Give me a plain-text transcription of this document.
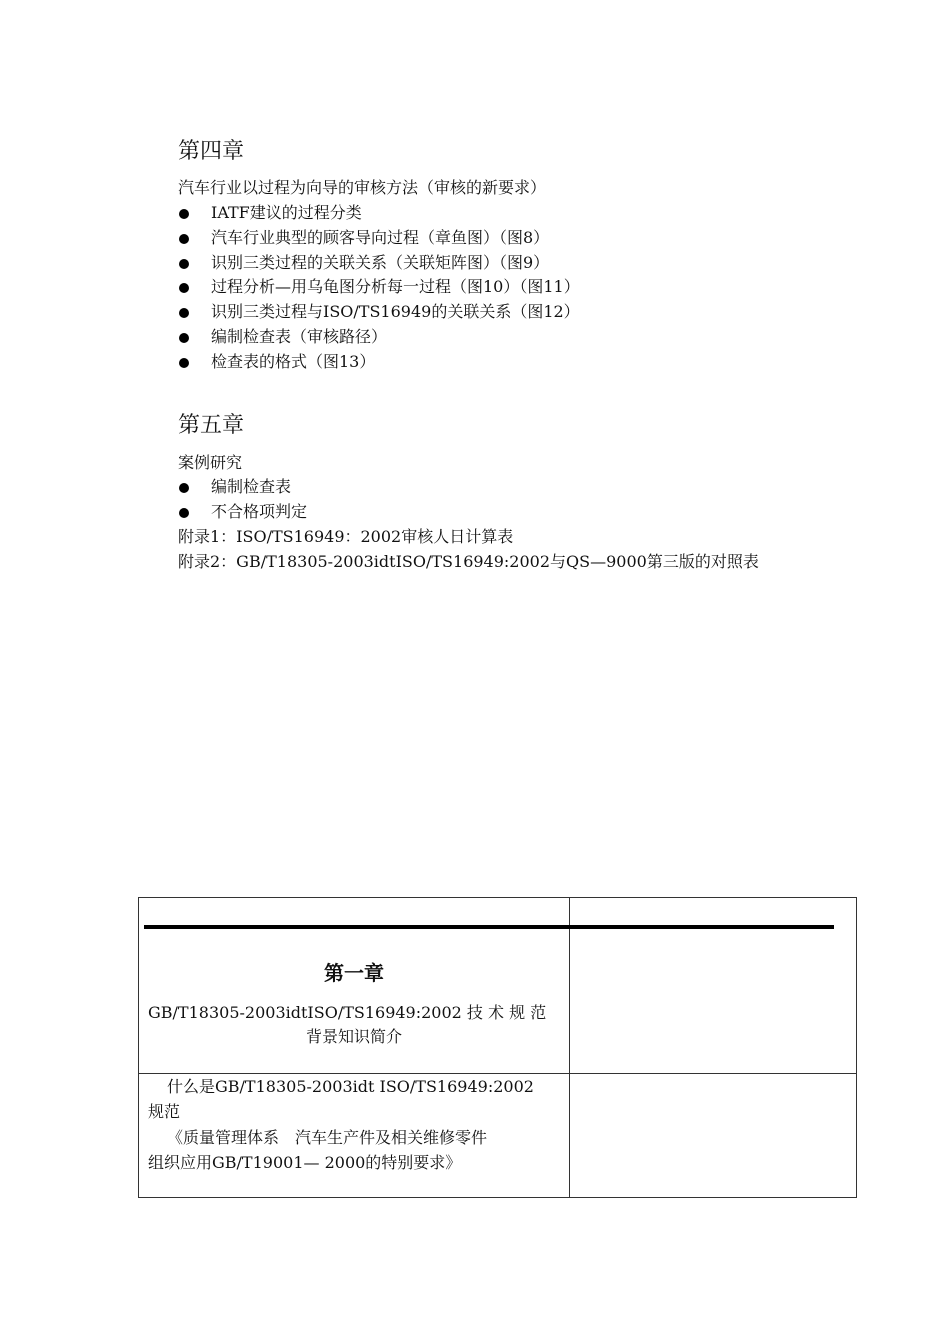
第四章
汽车行业以过程为向导的审核方法（审核的新要求）
IATF建议的过程分类
汽车行业典型的顾客导向过程（章鱼图）（图8）
识别三类过程的关联关系（关联矩阵图）（图9）
过程分析—用乌龟图分析每一过程（图10）（图11）
识别三类过程与ISO/TS16949的关联关系（图12）
编制检查表（审核路径）
检查表的格式（图13）
第五章
案例研究
编制检查表
不合格项判定
附录1：ISO/TS16949：2002审核人日计算表
附录2：GB/T18305-2003idtISO/TS16949:2002与QS—9000第三版的对照表
第一章
GB/T18305-2003idtISO/TS16949:2002 技 术 规 范
背景知识简介
什么是GB/T18305-2003idt ISO/TS16949:2002
规范
《质量管理体系　汽车生产件及相关维修零件
组织应用GB/T19001— 2000的特别要求》
